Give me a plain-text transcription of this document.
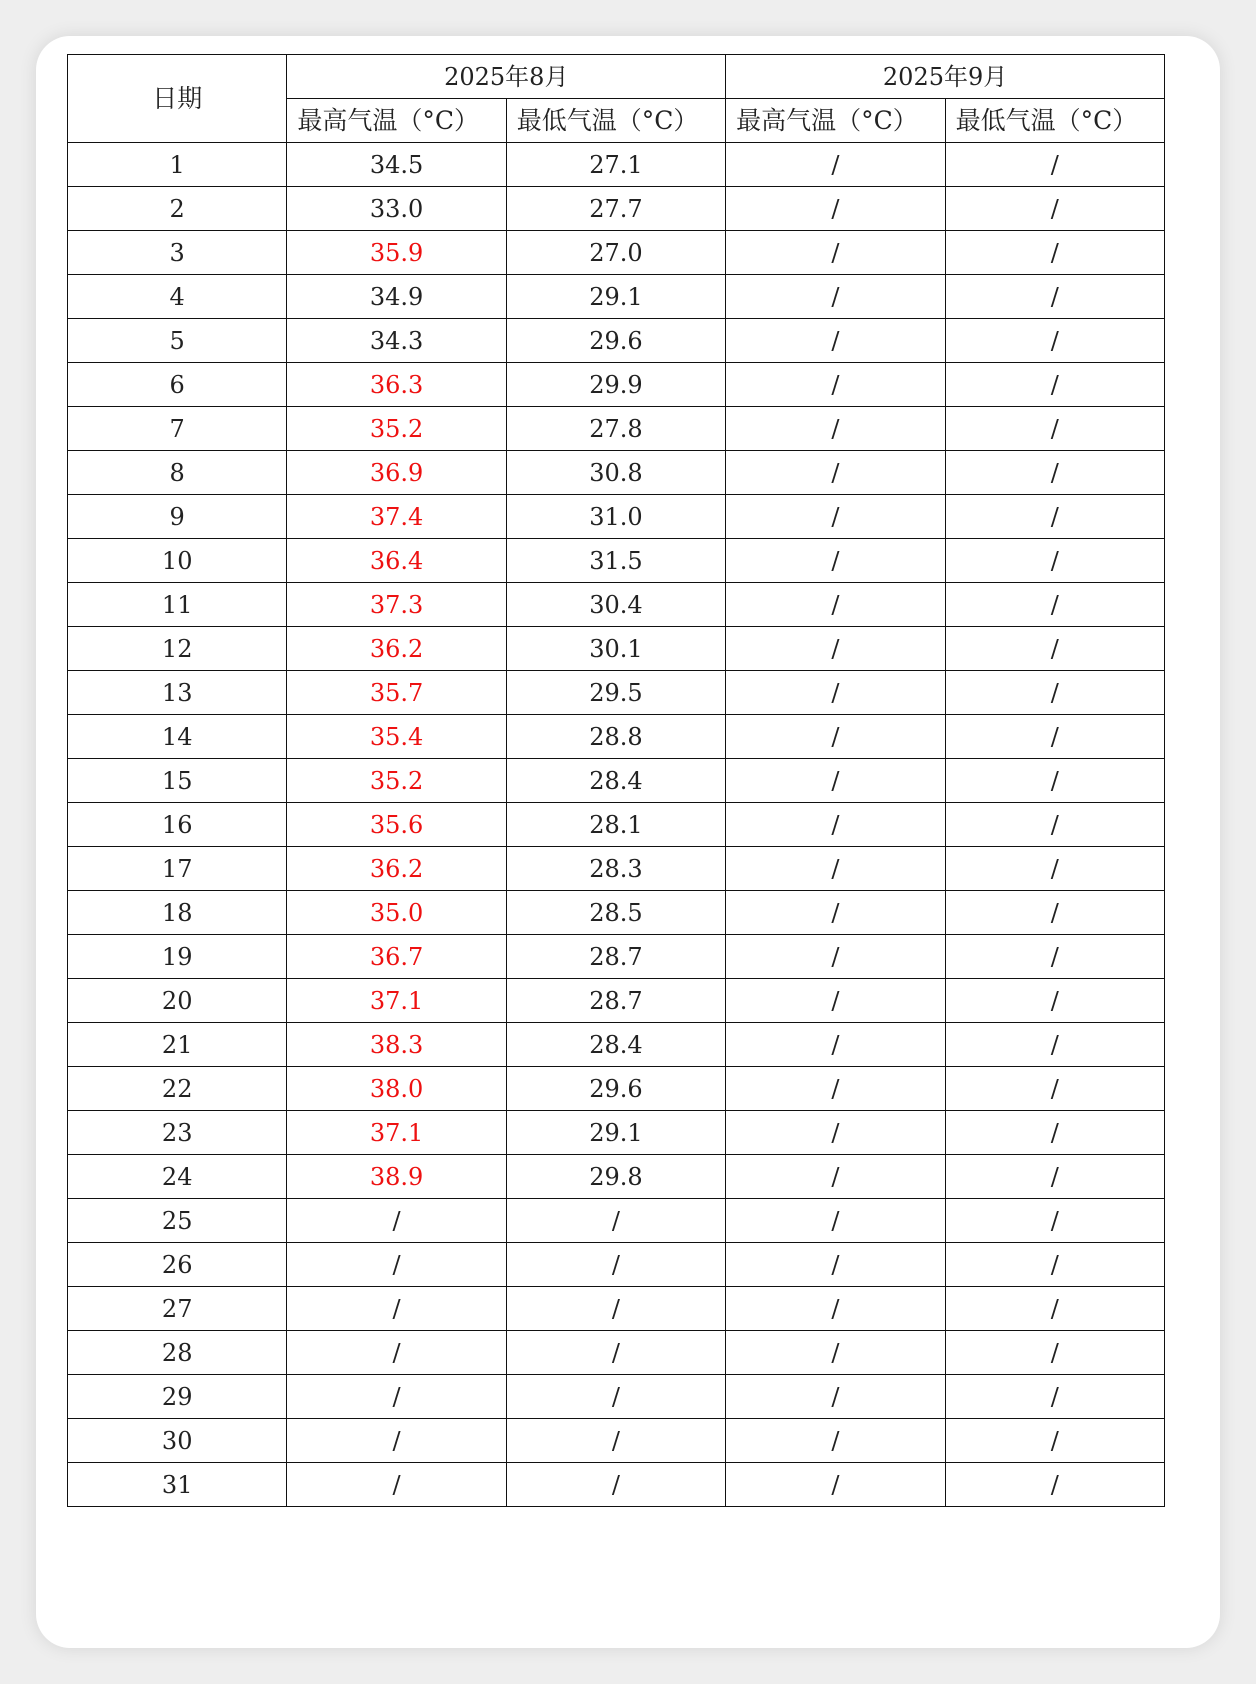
日期	2025年8月		2025年9月	
	最高气温（°C）	最低气温（°C）	最高气温（°C）	最低气温（°C）
1	34.5	27.1	/	/
2	33.0	27.7	/	/
3	35.9	27.0	/	/
4	34.9	29.1	/	/
5	34.3	29.6	/	/
6	36.3	29.9	/	/
7	35.2	27.8	/	/
8	36.9	30.8	/	/
9	37.4	31.0	/	/
10	36.4	31.5	/	/
11	37.3	30.4	/	/
12	36.2	30.1	/	/
13	35.7	29.5	/	/
14	35.4	28.8	/	/
15	35.2	28.4	/	/
16	35.6	28.1	/	/
17	36.2	28.3	/	/
18	35.0	28.5	/	/
19	36.7	28.7	/	/
20	37.1	28.7	/	/
21	38.3	28.4	/	/
22	38.0	29.6	/	/
23	37.1	29.1	/	/
24	38.9	29.8	/	/
25	/	/	/	/
26	/	/	/	/
27	/	/	/	/
28	/	/	/	/
29	/	/	/	/
30	/	/	/	/
31	/	/	/	/
